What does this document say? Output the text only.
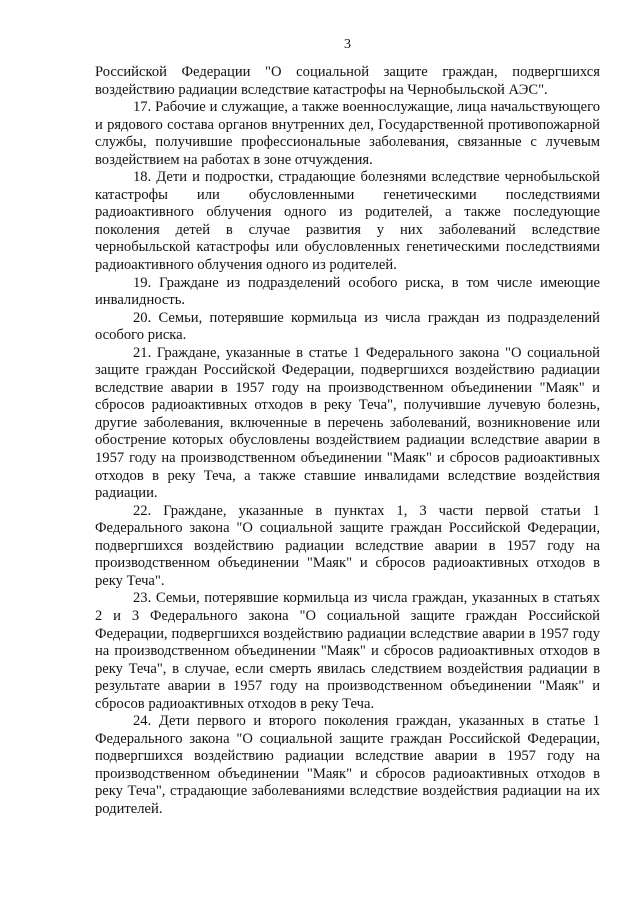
3

Российской Федерации "О социальной защите граждан, подвергшихся воздействию радиации вследствие катастрофы на Чернобыльской АЭС".

17. Рабочие и служащие, а также военнослужащие, лица начальствующего и рядового состава органов внутренних дел, Государственной противопожарной службы, получившие профессиональные заболевания, связанные с лучевым воздействием на работах в зоне отчуждения.

18. Дети и подростки, страдающие болезнями вследствие чернобыльской катастрофы или обусловленными генетическими последствиями радиоактивного облучения одного из родителей, а также последующие поколения детей в случае развития у них заболеваний вследствие чернобыльской катастрофы или обусловленных генетическими последствиями радиоактивного облучения одного из родителей.

19. Граждане из подразделений особого риска, в том числе имеющие инвалидность.

20. Семьи, потерявшие кормильца из числа граждан из подразделений особого риска.

21. Граждане, указанные в статье 1 Федерального закона "О социальной защите граждан Российской Федерации, подвергшихся воздействию радиации вследствие аварии в 1957 году на производственном объединении "Маяк" и сбросов радиоактивных отходов в реку Теча", получившие лучевую болезнь, другие заболевания, включенные в перечень заболеваний, возникновение или обострение которых обусловлены воздействием радиации вследствие аварии в 1957 году на производственном объединении "Маяк" и сбросов радиоактивных отходов в реку Теча, а также ставшие инвалидами вследствие воздействия радиации.

22. Граждане, указанные в пунктах 1, 3 части первой статьи 1 Федерального закона "О социальной защите граждан Российской Федерации, подвергшихся воздействию радиации вследствие аварии в 1957 году на производственном объединении "Маяк" и сбросов радиоактивных отходов в реку Теча".

23. Семьи, потерявшие кормильца из числа граждан, указанных в статьях 2 и 3 Федерального закона "О социальной защите граждан Российской Федерации, подвергшихся воздействию радиации вследствие аварии в 1957 году на производственном объединении "Маяк" и сбросов радиоактивных отходов в реку Теча", в случае, если смерть явилась следствием воздействия радиации в результате аварии в 1957 году на производственном объединении "Маяк" и сбросов радиоактивных отходов в реку Теча.

24. Дети первого и второго поколения граждан, указанных в статье 1 Федерального закона "О социальной защите граждан Российской Федерации, подвергшихся воздействию радиации вследствие аварии в 1957 году на производственном объединении "Маяк" и сбросов радиоактивных отходов в реку Теча", страдающие заболеваниями вследствие воздействия радиации на их родителей.
